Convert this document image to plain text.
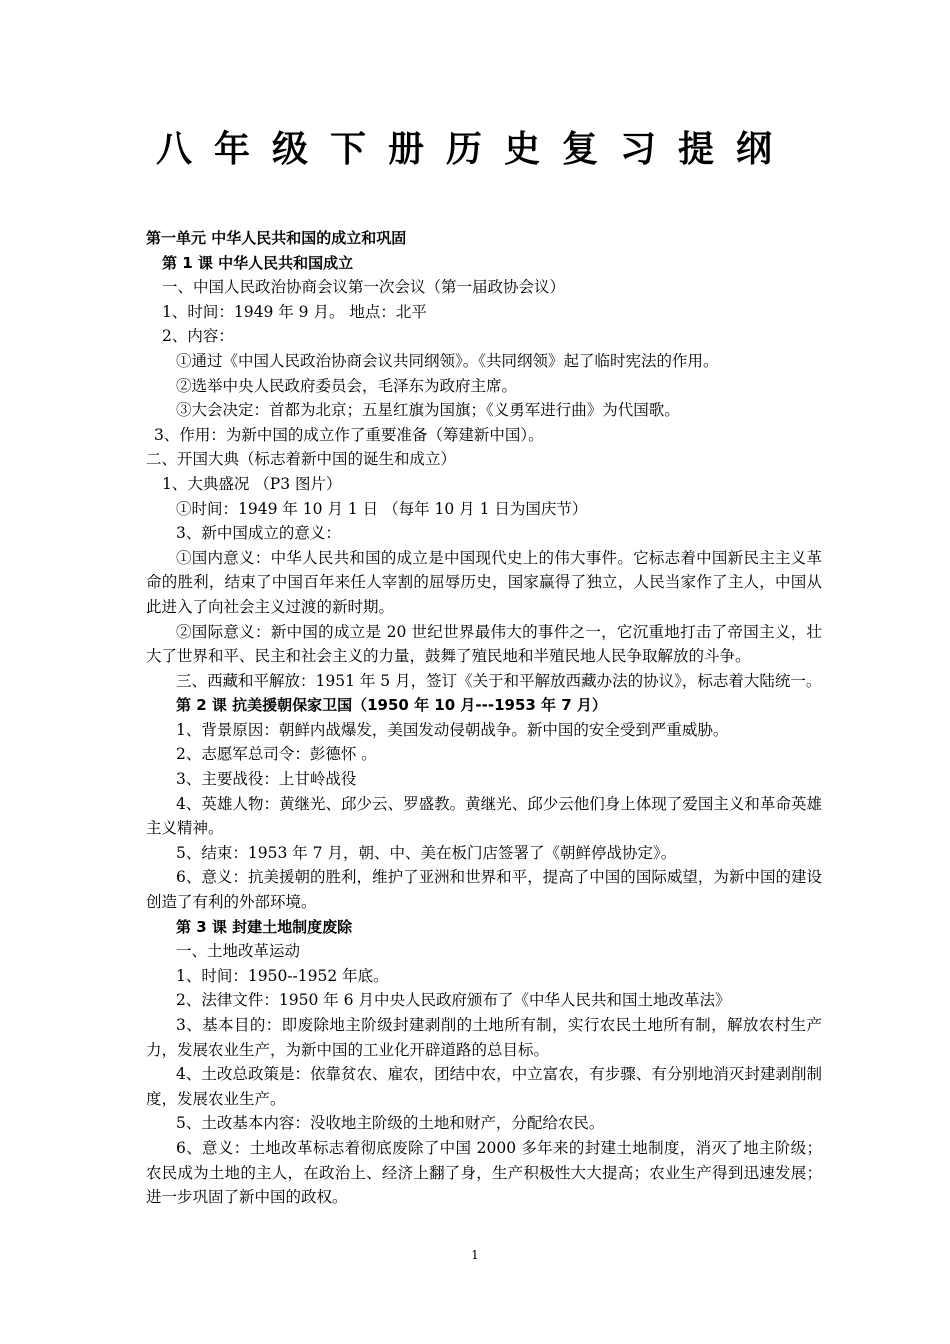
八年级下册历史复习提纲
第一单元 中华人民共和国的成立和巩固
第 1 课 中华人民共和国成立
一、中国人民政治协商会议第一次会议（第一届政协会议）
1、时间：1949 年 9 月。 地点：北平
2、内容：
①通过《中国人民政治协商会议共同纲领》。《共同纲领》起了临时宪法的作用。
②选举中央人民政府委员会，毛泽东为政府主席。
③大会决定：首都为北京；五星红旗为国旗；《义勇军进行曲》为代国歌。
3、作用：为新中国的成立作了重要准备（筹建新中国）。
二、开国大典（标志着新中国的诞生和成立）
1、大典盛况 （P3 图片）
①时间：1949 年 10 月 1 日 （每年 10 月 1 日为国庆节）
3、新中国成立的意义：
①国内意义：中华人民共和国的成立是中国现代史上的伟大事件。它标志着中国新民主主义革命的胜利，结束了中国百年来任人宰割的屈辱历史，国家赢得了独立，人民当家作了主人，中国从此进入了向社会主义过渡的新时期。
②国际意义：新中国的成立是 20 世纪世界最伟大的事件之一，它沉重地打击了帝国主义，壮大了世界和平、民主和社会主义的力量，鼓舞了殖民地和半殖民地人民争取解放的斗争。
三、西藏和平解放：1951 年 5 月，签订《关于和平解放西藏办法的协议》，标志着大陆统一。
第 2 课 抗美援朝保家卫国（1950 年 10 月---1953 年 7 月）
1、背景原因：朝鲜内战爆发，美国发动侵朝战争。新中国的安全受到严重威胁。
2、志愿军总司令：彭德怀 。
3、主要战役：上甘岭战役
4、英雄人物：黄继光、邱少云、罗盛教。黄继光、邱少云他们身上体现了爱国主义和革命英雄主义精神。
5、结束：1953 年 7 月，朝、中、美在板门店签署了《朝鲜停战协定》。
6、意义：抗美援朝的胜利，维护了亚洲和世界和平，提高了中国的国际威望，为新中国的建设创造了有利的外部环境。
第 3 课 封建土地制度废除
一、土地改革运动
1、时间：1950--1952 年底。
2、法律文件：1950 年 6 月中央人民政府颁布了《中华人民共和国土地改革法》
3、基本目的：即废除地主阶级封建剥削的土地所有制，实行农民土地所有制，解放农村生产力，发展农业生产，为新中国的工业化开辟道路的总目标。
4、土改总政策是：依靠贫农、雇农，团结中农，中立富农，有步骤、有分别地消灭封建剥削制度，发展农业生产。
5、土改基本内容：没收地主阶级的土地和财产，分配给农民。
6、意义：土地改革标志着彻底废除了中国 2000 多年来的封建土地制度，消灭了地主阶级；农民成为土地的主人，在政治上、经济上翻了身，生产积极性大大提高；农业生产得到迅速发展；进一步巩固了新中国的政权。
1
